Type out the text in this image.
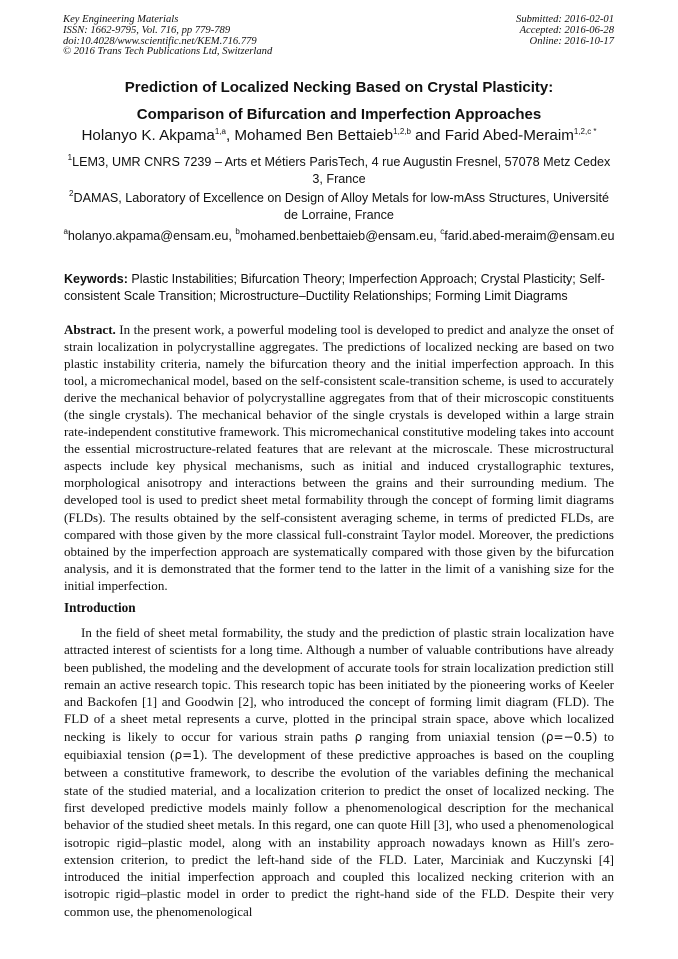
Key Engineering Materials
ISSN: 1662-9795, Vol. 716, pp 779-789
doi:10.4028/www.scientific.net/KEM.716.779
© 2016 Trans Tech Publications Ltd, Switzerland
Submitted: 2016-02-01
Accepted: 2016-06-28
Online: 2016-10-17
Prediction of Localized Necking Based on Crystal Plasticity:
Comparison of Bifurcation and Imperfection Approaches
Holanyo K. Akpama$^{1,a}$, Mohamed Ben Bettaieb$^{1,2,b}$ and Farid Abed-Meraim$^{1,2,c *}$
$^1$LEM3, UMR CNRS 7239 – Arts et Métiers ParisTech, 4 rue Augustin Fresnel, 57078 Metz Cedex 3, France
$^2$DAMAS, Laboratory of Excellence on Design of Alloy Metals for low-mAss Structures, Université de Lorraine, France
$^a$holanyo.akpama@ensam.eu, $^b$mohamed.benbettaieb@ensam.eu, $^c$farid.abed-meraim@ensam.eu
Keywords: Plastic Instabilities; Bifurcation Theory; Imperfection Approach; Crystal Plasticity; Self-consistent Scale Transition; Microstructure–Ductility Relationships; Forming Limit Diagrams
Abstract. In the present work, a powerful modeling tool is developed to predict and analyze the onset of strain localization in polycrystalline aggregates. The predictions of localized necking are based on two plastic instability criteria, namely the bifurcation theory and the initial imperfection approach. In this tool, a micromechanical model, based on the self-consistent scale-transition scheme, is used to accurately derive the mechanical behavior of polycrystalline aggregates from that of their microscopic constituents (the single crystals). The mechanical behavior of the single crystals is developed within a large strain rate-independent constitutive framework. This micromechanical constitutive modeling takes into account the essential microstructure-related features that are relevant at the microscale. These microstructural aspects include key physical mechanisms, such as initial and induced crystallographic textures, morphological anisotropy and interactions between the grains and their surrounding medium. The developed tool is used to predict sheet metal formability through the concept of forming limit diagrams (FLDs). The results obtained by the self-consistent averaging scheme, in terms of predicted FLDs, are compared with those given by the more classical full-constraint Taylor model. Moreover, the predictions obtained by the imperfection approach are systematically compared with those given by the bifurcation analysis, and it is demonstrated that the former tend to the latter in the limit of a vanishing size for the initial imperfection.
Introduction
In the field of sheet metal formability, the study and the prediction of plastic strain localization have attracted interest of scientists for a long time. Although a number of valuable contributions have already been published, the modeling and the development of accurate tools for strain localization prediction still remain an active research topic. This research topic has been initiated by the pioneering works of Keeler and Backofen [1] and Goodwin [2], who introduced the concept of forming limit diagram (FLD). The FLD of a sheet metal represents a curve, plotted in the principal strain space, above which localized necking is likely to occur for various strain paths ρ ranging from uniaxial tension (ρ=−0.5) to equibiaxial tension (ρ=1). The development of these predictive approaches is based on the coupling between a constitutive framework, to describe the evolution of the variables defining the mechanical state of the studied material, and a localization criterion to predict the onset of localized necking. The first developed predictive models mainly follow a phenomenological description for the mechanical behavior of the studied sheet metals. In this regard, one can quote Hill [3], who used a phenomenological isotropic rigid–plastic model, along with an instability approach nowadays known as Hill's zero-extension criterion, to predict the left-hand side of the FLD. Later, Marciniak and Kuczynski [4] introduced the initial imperfection approach and coupled this localized necking criterion with an isotropic rigid–plastic model in order to predict the right-hand side of the FLD. Despite their very common use, the phenomenological
